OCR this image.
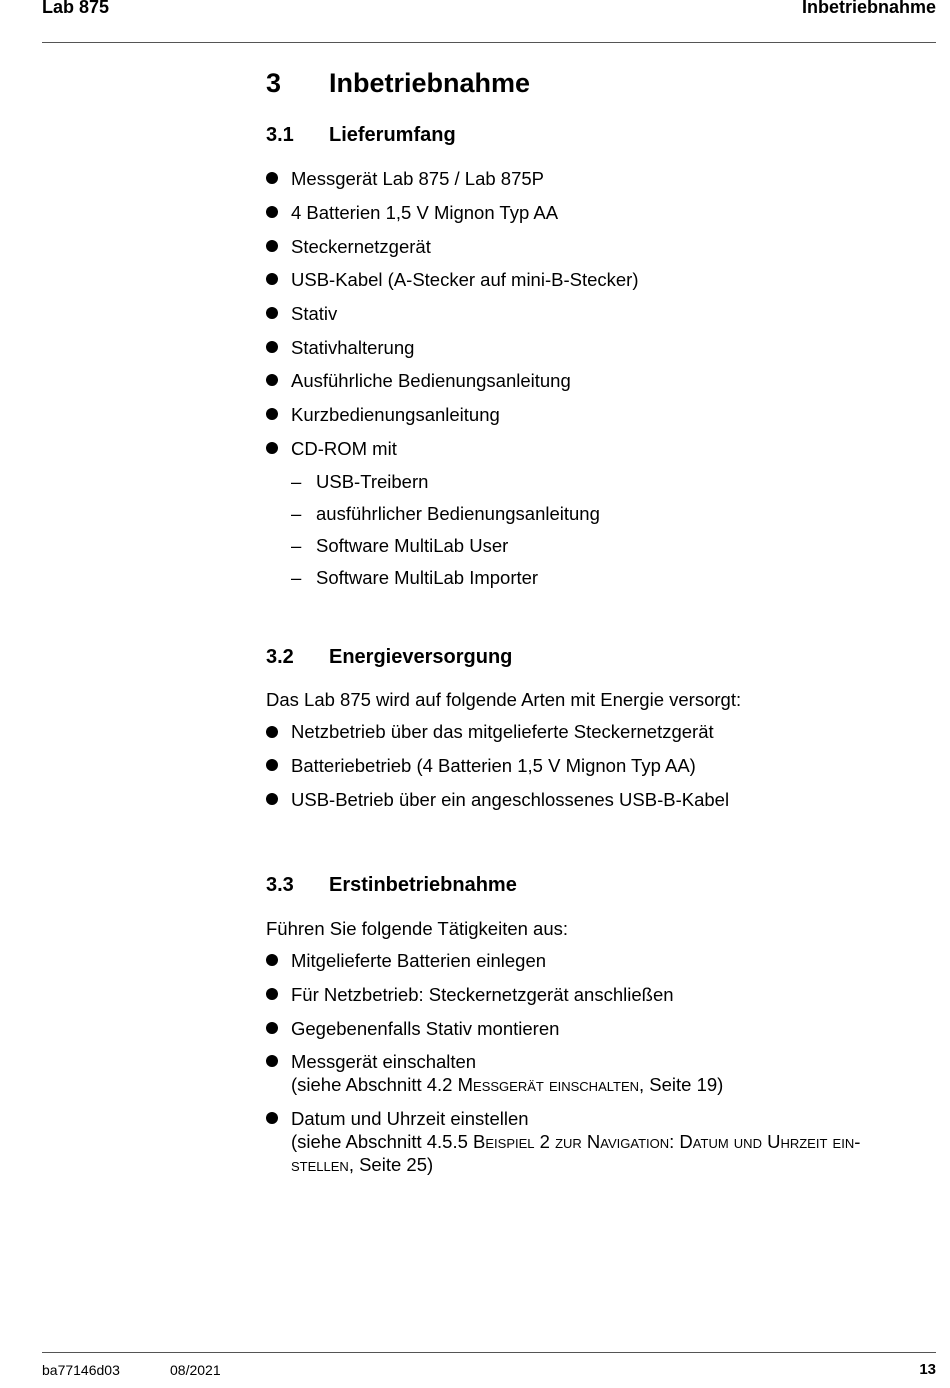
Lab 875	Inbetriebnahme
3 Inbetriebnahme
3.1 Lieferumfang
Messgerät Lab 875 / Lab 875P
4 Batterien 1,5 V Mignon Typ AA
Steckernetzgerät
USB-Kabel (A-Stecker auf mini-B-Stecker)
Stativ
Stativhalterung
Ausführliche Bedienungsanleitung
Kurzbedienungsanleitung
CD-ROM mit
– USB-Treibern
– ausführlicher Bedienungsanleitung
– Software MultiLab User
– Software MultiLab Importer
3.2 Energieversorgung
Das Lab 875 wird auf folgende Arten mit Energie versorgt:
Netzbetrieb über das mitgelieferte Steckernetzgerät
Batteriebetrieb (4 Batterien 1,5 V Mignon Typ AA)
USB-Betrieb über ein angeschlossenes USB-B-Kabel
3.3 Erstinbetriebnahme
Führen Sie folgende Tätigkeiten aus:
Mitgelieferte Batterien einlegen
Für Netzbetrieb: Steckernetzgerät anschließen
Gegebenenfalls Stativ montieren
Messgerät einschalten
(siehe Abschnitt 4.2 Messgerät einschalten, Seite 19)
Datum und Uhrzeit einstellen
(siehe Abschnitt 4.5.5 Beispiel 2 zur Navigation: Datum und Uhrzeit ein-
stellen, Seite 25)
ba77146d03	08/2021	13
